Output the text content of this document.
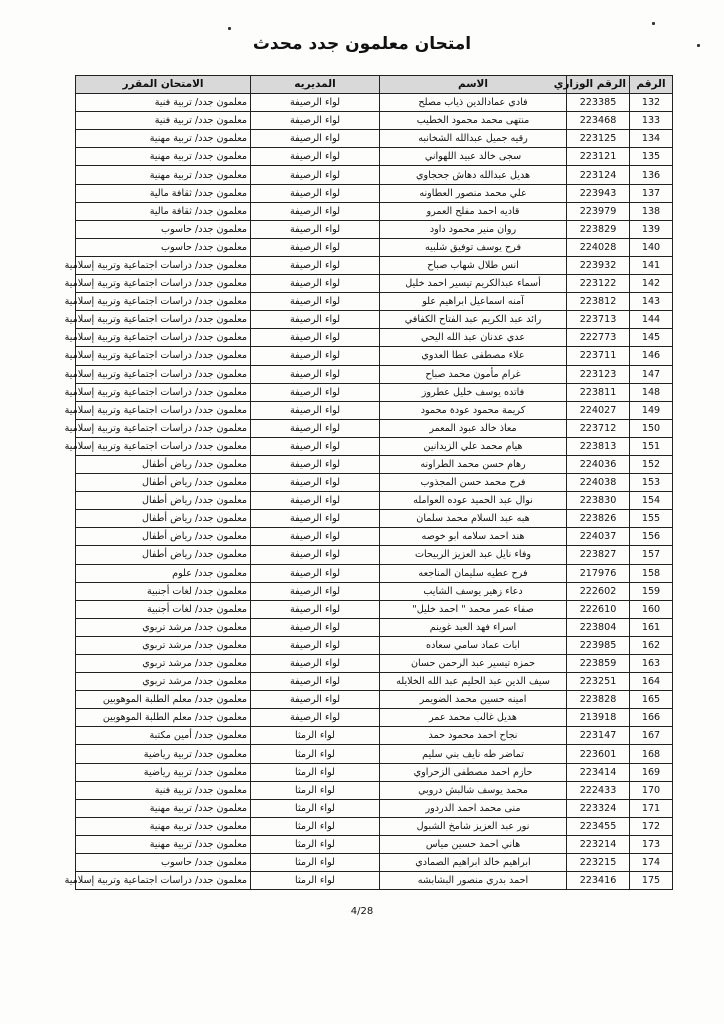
امتحان معلمون جدد محدث
الرقم	الرقم الوزاري	الاسم	المديريه	الامتحان المقرر
132	223385	فادي عمادالدين ذياب مصلح	لواء الرصيفة	معلمون جدد/ تربية فنية
133	223468	منتهى محمد محمود الخطيب	لواء الرصيفة	معلمون جدد/ تربية فنية
134	223125	رقيه جميل عبدالله الشخانبه	لواء الرصيفة	معلمون جدد/ تربية مهنية
135	223121	سجى خالد عبيد اللهواني	لواء الرصيفة	معلمون جدد/ تربية مهنية
136	223124	هديل عبدالله دهاش جحجاوي	لواء الرصيفة	معلمون جدد/ تربية مهنية
137	223943	علي محمد منصور العطاونه	لواء الرصيفة	معلمون جدد/ ثقافة مالية
138	223979	قاديه احمد مفلح العمرو	لواء الرصيفة	معلمون جدد/ ثقافة مالية
139	223829	روان منير محمود داود	لواء الرصيفة	معلمون جدد/ حاسوب
140	224028	فرح يوسف توفيق شلبيه	لواء الرصيفة	معلمون جدد/ حاسوب
141	223932	انس طلال شهاب صباح	لواء الرصيفة	معلمون جدد/ دراسات اجتماعية وتربية إسلامية
142	223122	أسماء عبدالكريم تيسير احمد خليل	لواء الرصيفة	معلمون جدد/ دراسات اجتماعية وتربية إسلامية
143	223812	آمنه اسماعيل ابراهيم علو	لواء الرصيفة	معلمون جدد/ دراسات اجتماعية وتربية إسلامية
144	223713	رائد عبد الكريم عبد الفتاح الكفافي	لواء الرصيفة	معلمون جدد/ دراسات اجتماعية وتربية إسلامية
145	222773	عدي عدنان عبد الله اليحي	لواء الرصيفة	معلمون جدد/ دراسات اجتماعية وتربية إسلامية
146	223711	علاء مصطفى عطا العدوي	لواء الرصيفة	معلمون جدد/ دراسات اجتماعية وتربية إسلامية
147	223123	غرام مأمون محمد صباح	لواء الرصيفة	معلمون جدد/ دراسات اجتماعية وتربية إسلامية
148	223811	فاتده يوسف خليل عطروز	لواء الرصيفة	معلمون جدد/ دراسات اجتماعية وتربية إسلامية
149	224027	كريمة محمود عودة محمود	لواء الرصيفة	معلمون جدد/ دراسات اجتماعية وتربية إسلامية
150	223712	معاذ خالد عبود المعمر	لواء الرصيفة	معلمون جدد/ دراسات اجتماعية وتربية إسلامية
151	223813	هيام محمد علي الزيدانين	لواء الرصيفة	معلمون جدد/ دراسات اجتماعية وتربية إسلامية
152	224036	رهام حسن محمد الطراونه	لواء الرصيفة	معلمون جدد/ رياض أطفال
153	224038	فرح محمد حسن المجذوب	لواء الرصيفة	معلمون جدد/ رياض أطفال
154	223830	نوال عبد الحميد عوده العوامله	لواء الرصيفة	معلمون جدد/ رياض أطفال
155	223826	هبه عبد السلام محمد سلمان	لواء الرصيفة	معلمون جدد/ رياض أطفال
156	224037	هند احمد سلامه ابو خوصه	لواء الرصيفة	معلمون جدد/ رياض أطفال
157	223827	وفاء نايل عبد العزيز الربيحات	لواء الرصيفة	معلمون جدد/ رياض أطفال
158	217976	فرح عطيه سليمان المناجعه	لواء الرصيفة	معلمون جدد/ علوم
159	222602	دعاء زهير يوسف الشايب	لواء الرصيفة	معلمون جدد/ لغات أجنبية
160	222610	صفاء عمر محمد " احمد خليل"	لواء الرصيفة	معلمون جدد/ لغات أجنبية
161	223804	اسراء فهد العبد غوينم	لواء الرصيفة	معلمون جدد/ مرشد تربوي
162	223985	ابات عماد سامي سعاده	لواء الرصيفة	معلمون جدد/ مرشد تربوي
163	223859	حمزه تيسير عبد الرحمن حسان	لواء الرصيفة	معلمون جدد/ مرشد تربوي
164	223251	سيف الدين عبد الحليم عبد الله الخلايله	لواء الرصيفة	معلمون جدد/ مرشد تربوي
165	223828	امينه حسين محمد الضويمر	لواء الرصيفة	معلمون جدد/ معلم الطلبة الموهوبين
166	213918	هديل غالب محمد عمر	لواء الرصيفة	معلمون جدد/ معلم الطلبة الموهوبين
167	223147	نجاح احمد محمود حمد	لواء الرمثا	معلمون جدد/ أمين مكتبة
168	223601	تماضر طه نايف بني سليم	لواء الرمثا	معلمون جدد/ تربية رياضية
169	223414	حازم احمد مصطفى الزحراوي	لواء الرمثا	معلمون جدد/ تربية رياضية
170	222433	محمد يوسف شالبش دروبي	لواء الرمثا	معلمون جدد/ تربية فنية
171	223324	منى محمد احمد الدردور	لواء الرمثا	معلمون جدد/ تربية مهنية
172	223455	نور عبد العزيز شامخ الشبول	لواء الرمثا	معلمون جدد/ تربية مهنية
173	223214	هاني احمد حسين مياس	لواء الرمثا	معلمون جدد/ تربية مهنية
174	223215	ابراهيم خالد ابراهيم الصمادي	لواء الرمثا	معلمون جدد/ حاسوب
175	223416	احمد بدري منصور البشابشه	لواء الرمثا	معلمون جدد/ دراسات اجتماعية وتربية إسلامية
4/28
